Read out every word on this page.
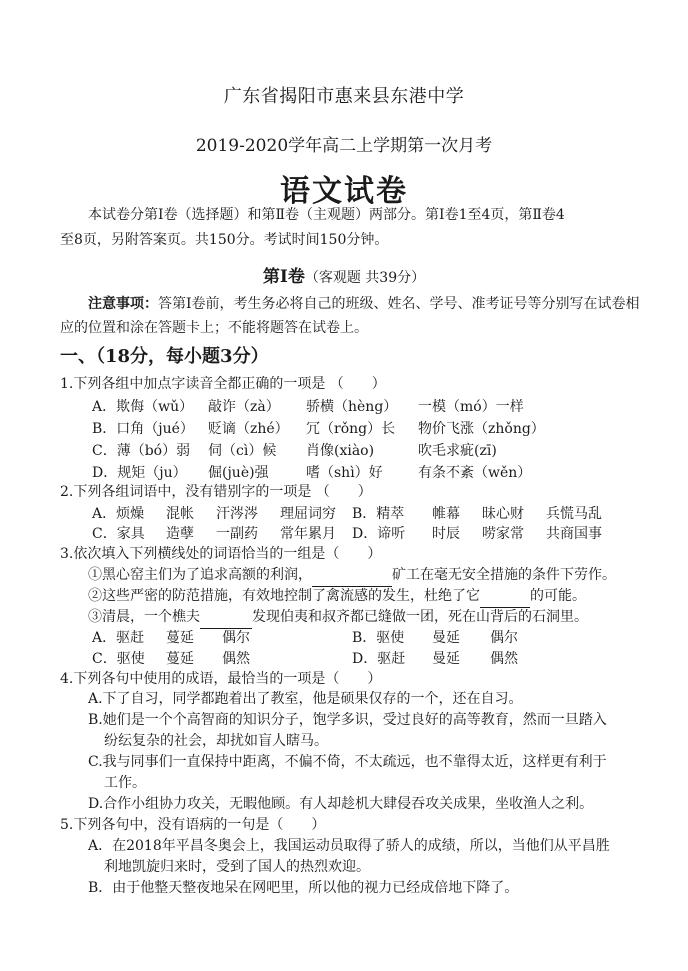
广东省揭阳市惠来县东港中学
2019-2020学年高二上学期第一次月考
语文试卷

本试卷分第Ⅰ卷（选择题）和第Ⅱ卷（主观题）两部分。第Ⅰ卷1至4页，第Ⅱ卷4

至8页，另附答案页。共150分。考试时间150分钟。

第Ⅰ卷（客观题 共39分）

注意事项：答第Ⅰ卷前，考生务必将自己的班级、姓名、学号、准考证号等分别写在试卷相应的位置和涂在答题卡上；不能将题答在试卷上。

一、（18分，每小题3分）
1.下列各组中加点字读音全都正确的一项是 （　　）
A．欺侮（wǔ） 敲诈（zà） 骄横（hèng） 一模（mó）一样
B．口角（jué） 贬谪（zhé） 冗（rǒng）长 物价飞涨（zhǒng）
C．薄（bó）弱 伺（cì）候 肖像(xiào)	吹毛求疵(zī)
D．规矩（ju） 倔(juè)强	嗜（shì）好	有条不紊（wěn）
2.下列各组词语中，没有错别字的一项是 （　　）
A．烦燥 混帐 汗涔涔 理屈词穷 B．精萃 帷幕 昧心财 兵慌马乱
C．家具 造孽 一副药 常年累月 D．谛听 时辰 唠家常 共商国事
3.依次填入下列横线处的词语恰当的一组是（　　）
①黑心窑主们为了追求高额的利润，	矿工在毫无安全措施的条件下劳作。
②这些严密的防范措施，有效地控制了禽流感的发生，杜绝了它	的可能。
③清晨，一个樵夫	发现伯夷和叔齐都已缝做一团，死在山背后的石洞里。
A．驱赶 蔓延 偶尔	B．驱使 曼延 偶尔
C．驱使 蔓延 偶然	D．驱赶 曼延 偶然
4.下列各句中使用的成语，最恰当的一项是（　　）
A.下了自习，同学都跑着出了教室，他是硕果仅存的一个，还在自习。
B.她们是一个个高智商的知识分子，饱学多识，受过良好的高等教育，然而一旦踏入
纷纭复杂的社会，却扰如盲人瞎马。
C.我与同事们一直保持中距离，不偏不倚，不太疏远，也不靠得太近，这样更有利于
工作。
D.合作小组协力攻关，无暇他顾。有人却趁机大肆侵吞攻关成果，坐收渔人之利。
5.下列各句中，没有语病的一句是（　　）
A．在2018年平昌冬奥会上，我国运动员取得了骄人的成绩，所以，当他们从平昌胜
利地凯旋归来时，受到了国人的热烈欢迎。
B．由于他整天整夜地呆在网吧里，所以他的视力已经成倍地下降了。
